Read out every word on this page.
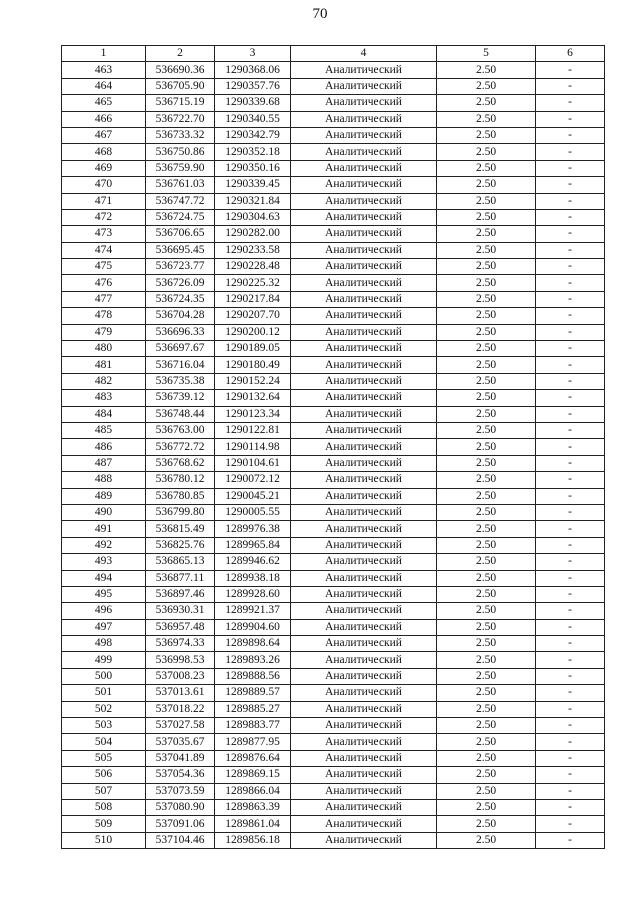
70
1	2	3	4	5	6
463	536690.36	1290368.06	Аналитический	2.50	-
464	536705.90	1290357.76	Аналитический	2.50	-
465	536715.19	1290339.68	Аналитический	2.50	-
466	536722.70	1290340.55	Аналитический	2.50	-
467	536733.32	1290342.79	Аналитический	2.50	-
468	536750.86	1290352.18	Аналитический	2.50	-
469	536759.90	1290350.16	Аналитический	2.50	-
470	536761.03	1290339.45	Аналитический	2.50	-
471	536747.72	1290321.84	Аналитический	2.50	-
472	536724.75	1290304.63	Аналитический	2.50	-
473	536706.65	1290282.00	Аналитический	2.50	-
474	536695.45	1290233.58	Аналитический	2.50	-
475	536723.77	1290228.48	Аналитический	2.50	-
476	536726.09	1290225.32	Аналитический	2.50	-
477	536724.35	1290217.84	Аналитический	2.50	-
478	536704.28	1290207.70	Аналитический	2.50	-
479	536696.33	1290200.12	Аналитический	2.50	-
480	536697.67	1290189.05	Аналитический	2.50	-
481	536716.04	1290180.49	Аналитический	2.50	-
482	536735.38	1290152.24	Аналитический	2.50	-
483	536739.12	1290132.64	Аналитический	2.50	-
484	536748.44	1290123.34	Аналитический	2.50	-
485	536763.00	1290122.81	Аналитический	2.50	-
486	536772.72	1290114.98	Аналитический	2.50	-
487	536768.62	1290104.61	Аналитический	2.50	-
488	536780.12	1290072.12	Аналитический	2.50	-
489	536780.85	1290045.21	Аналитический	2.50	-
490	536799.80	1290005.55	Аналитический	2.50	-
491	536815.49	1289976.38	Аналитический	2.50	-
492	536825.76	1289965.84	Аналитический	2.50	-
493	536865.13	1289946.62	Аналитический	2.50	-
494	536877.11	1289938.18	Аналитический	2.50	-
495	536897.46	1289928.60	Аналитический	2.50	-
496	536930.31	1289921.37	Аналитический	2.50	-
497	536957.48	1289904.60	Аналитический	2.50	-
498	536974.33	1289898.64	Аналитический	2.50	-
499	536998.53	1289893.26	Аналитический	2.50	-
500	537008.23	1289888.56	Аналитический	2.50	-
501	537013.61	1289889.57	Аналитический	2.50	-
502	537018.22	1289885.27	Аналитический	2.50	-
503	537027.58	1289883.77	Аналитический	2.50	-
504	537035.67	1289877.95	Аналитический	2.50	-
505	537041.89	1289876.64	Аналитический	2.50	-
506	537054.36	1289869.15	Аналитический	2.50	-
507	537073.59	1289866.04	Аналитический	2.50	-
508	537080.90	1289863.39	Аналитический	2.50	-
509	537091.06	1289861.04	Аналитический	2.50	-
510	537104.46	1289856.18	Аналитический	2.50	-
